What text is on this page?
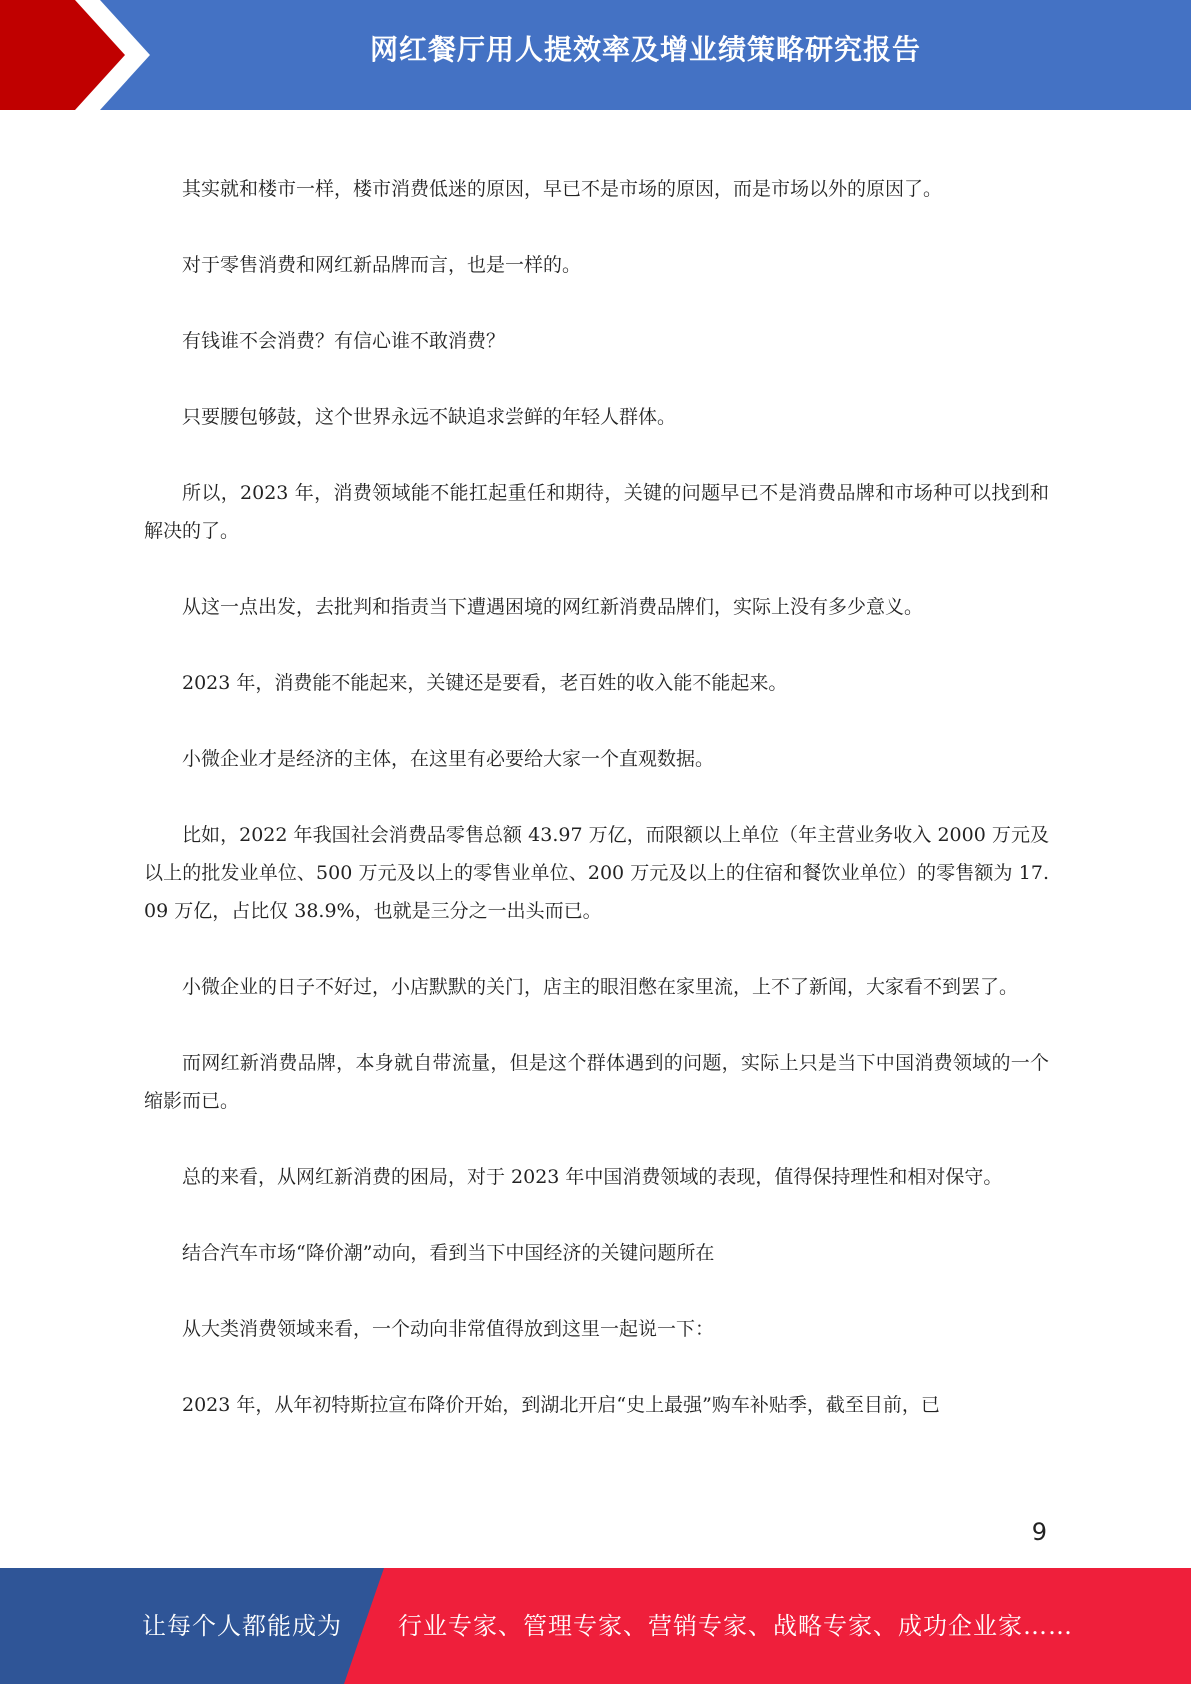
网红餐厅用人提效率及增业绩策略研究报告

其实就和楼市一样，楼市消费低迷的原因，早已不是市场的原因，而是市场以外的原因了。

对于零售消费和网红新品牌而言，也是一样的。

有钱谁不会消费？有信心谁不敢消费？

只要腰包够鼓，这个世界永远不缺追求尝鲜的年轻人群体。

所以，2023 年，消费领域能不能扛起重任和期待，关键的问题早已不是消费品牌和市场种可以找到和解决的了。

从这一点出发，去批判和指责当下遭遇困境的网红新消费品牌们，实际上没有多少意义。

2023 年，消费能不能起来，关键还是要看，老百姓的收入能不能起来。

小微企业才是经济的主体，在这里有必要给大家一个直观数据。

比如，2022 年我国社会消费品零售总额 43.97 万亿，而限额以上单位（年主营业务收入 2000 万元及以上的批发业单位、500 万元及以上的零售业单位、200 万元及以上的住宿和餐饮业单位）的零售额为 17.09 万亿，占比仅 38.9%，也就是三分之一出头而已。

小微企业的日子不好过，小店默默的关门，店主的眼泪憋在家里流，上不了新闻，大家看不到罢了。

而网红新消费品牌，本身就自带流量，但是这个群体遇到的问题，实际上只是当下中国消费领域的一个缩影而已。

总的来看，从网红新消费的困局，对于 2023 年中国消费领域的表现，值得保持理性和相对保守。

结合汽车市场“降价潮”动向，看到当下中国经济的关键问题所在

从大类消费领域来看，一个动向非常值得放到这里一起说一下：

2023 年，从年初特斯拉宣布降价开始，到湖北开启“史上最强”购车补贴季，截至目前，已

9
让每个人都能成为 行业专家、管理专家、营销专家、战略专家、成功企业家……
